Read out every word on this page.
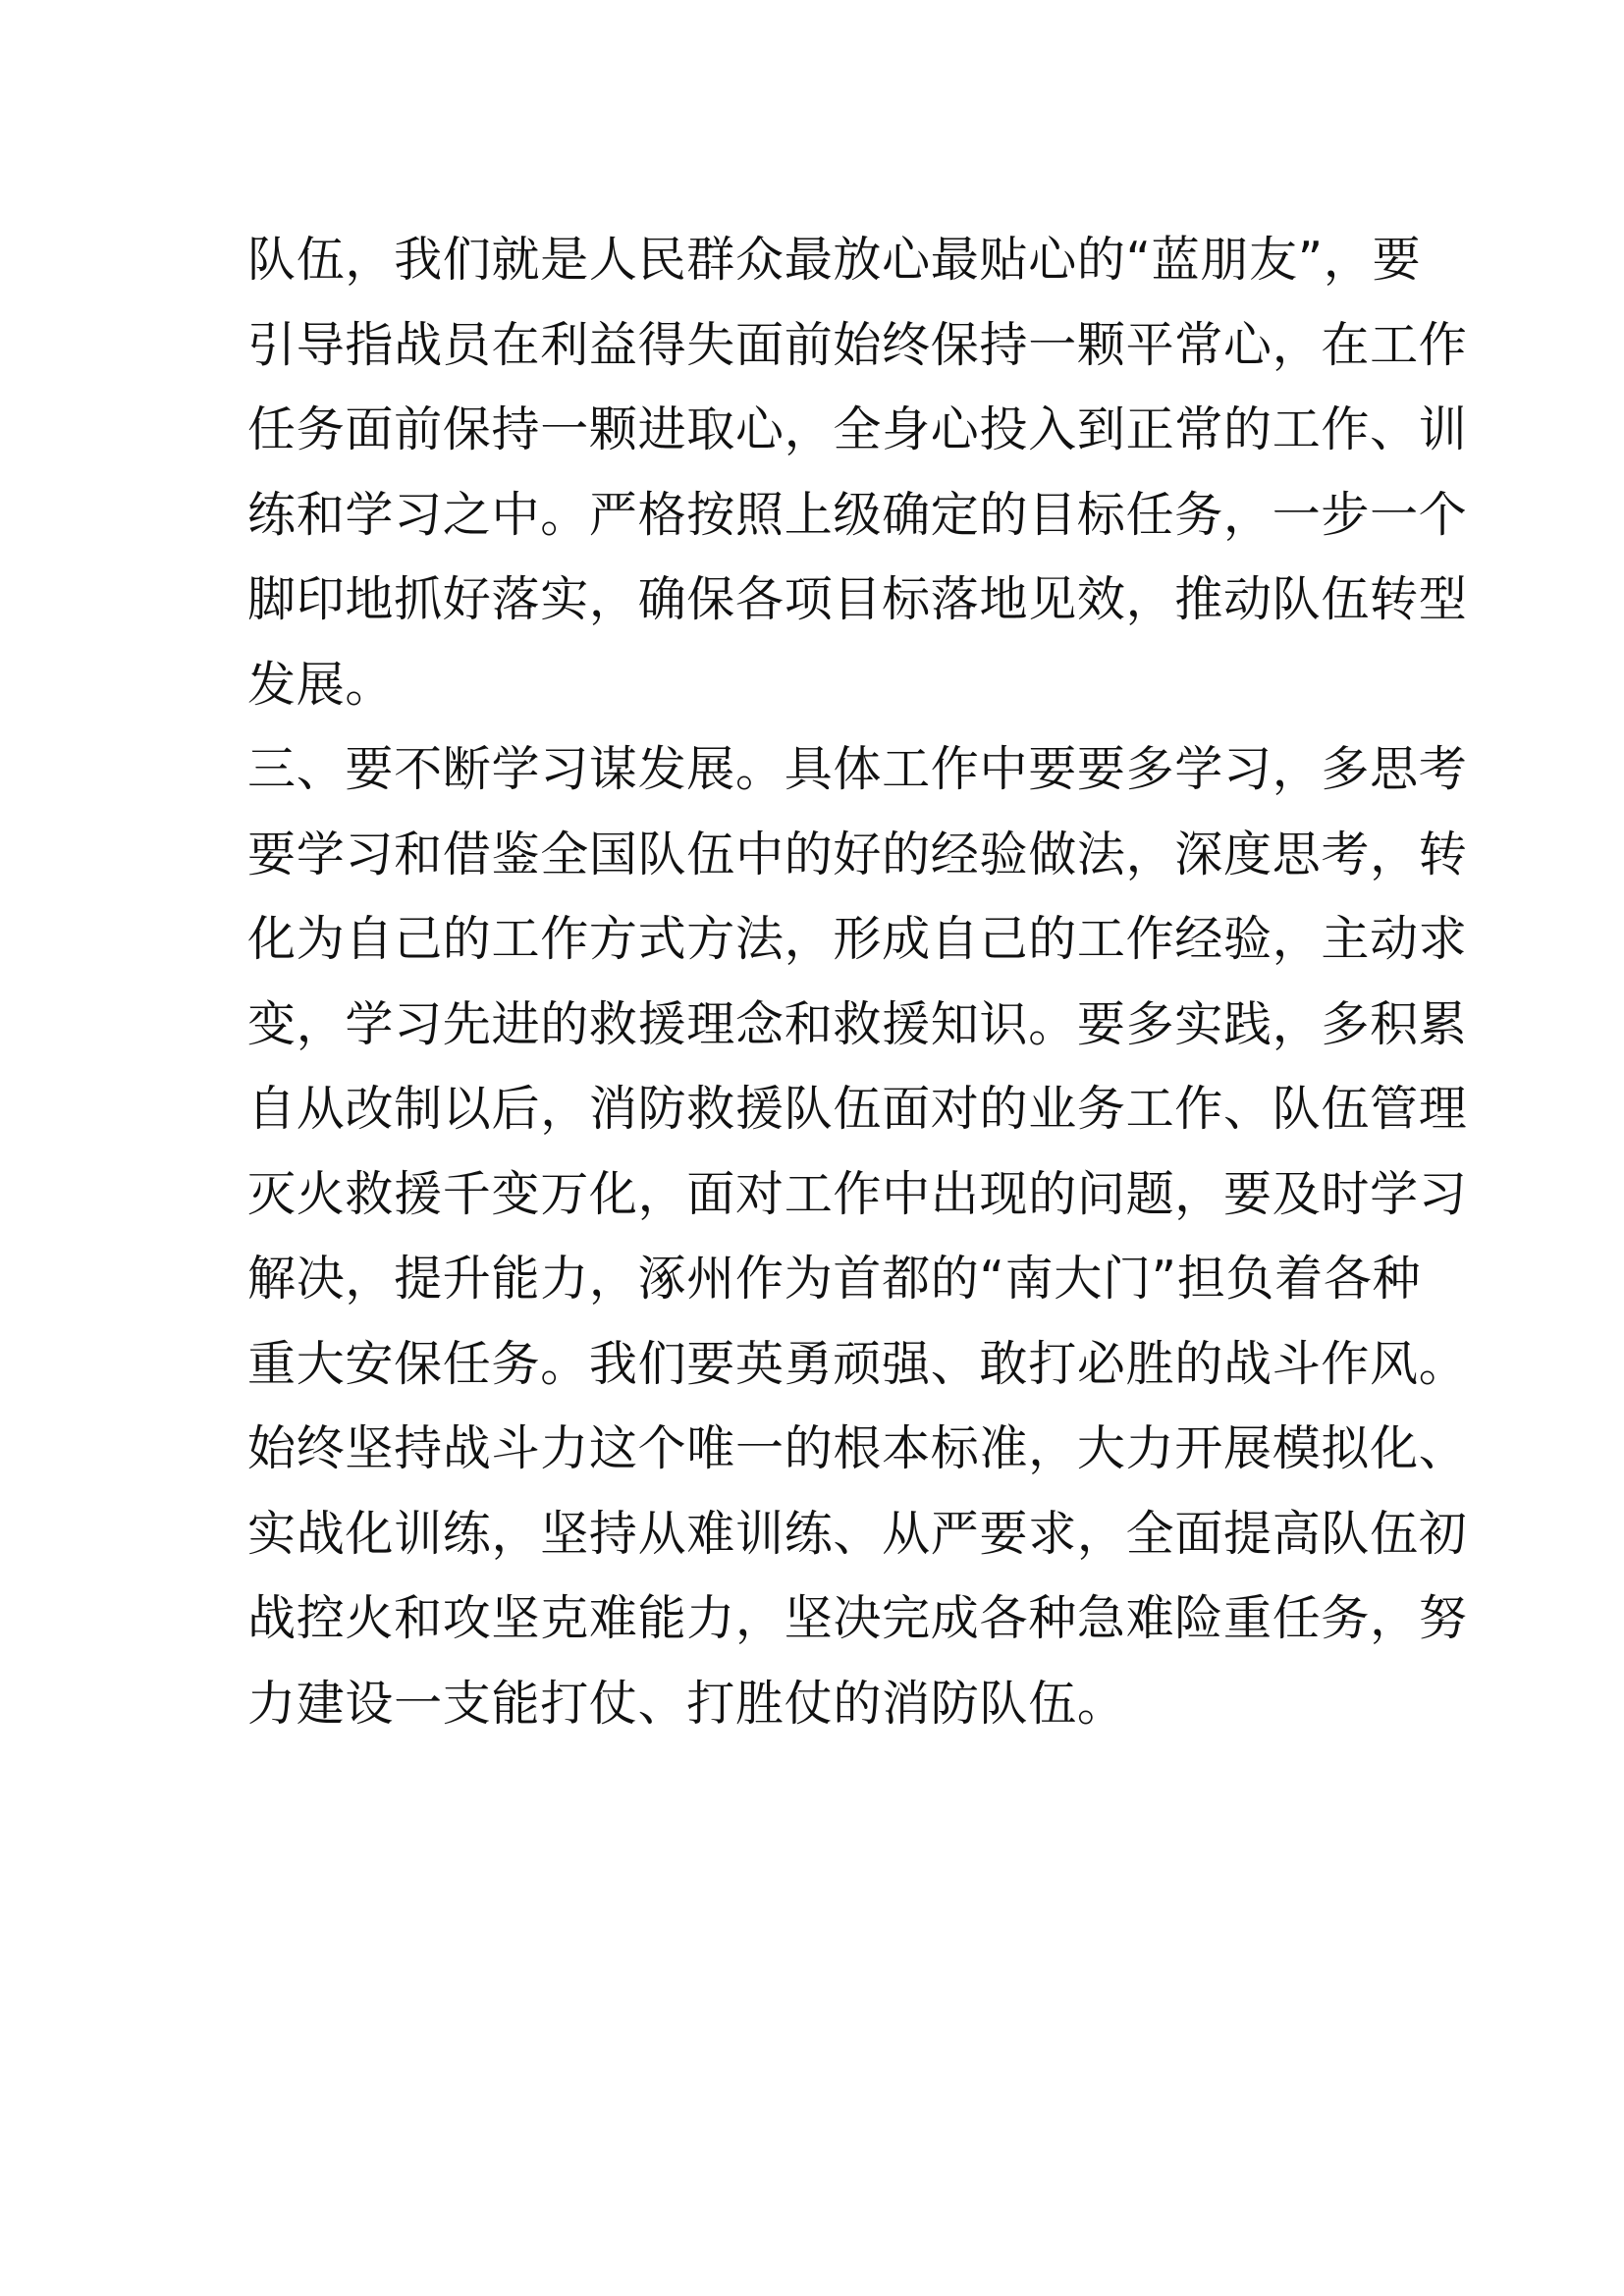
队伍，我们就是人民群众最放心最贴心的“蓝朋友”，要
引导指战员在利益得失面前始终保持一颗平常心，在工作
任务面前保持一颗进取心，全身心投入到正常的工作、训
练和学习之中。严格按照上级确定的目标任务，一步一个
脚印地抓好落实，确保各项目标落地见效，推动队伍转型
发展。
三、要不断学习谋发展。具体工作中要要多学习，多思考
要学习和借鉴全国队伍中的好的经验做法，深度思考，转
化为自己的工作方式方法，形成自己的工作经验，主动求
变，学习先进的救援理念和救援知识。要多实践，多积累
自从改制以后，消防救援队伍面对的业务工作、队伍管理
灭火救援千变万化，面对工作中出现的问题，要及时学习
解决，提升能力，涿州作为首都的“南大门”担负着各种
重大安保任务。我们要英勇顽强、敢打必胜的战斗作风。
始终坚持战斗力这个唯一的根本标准，大力开展模拟化、
实战化训练，坚持从难训练、从严要求，全面提高队伍初
战控火和攻坚克难能力，坚决完成各种急难险重任务，努
力建设一支能打仗、打胜仗的消防队伍。
